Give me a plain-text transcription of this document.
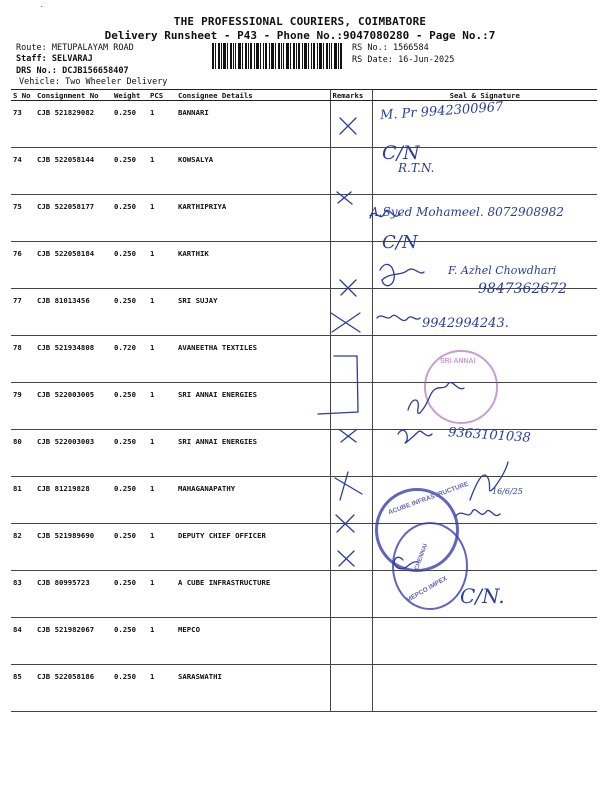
.
THE PROFESSIONAL COURIERS, COIMBATORE
Delivery Runsheet - P43 - Phone No.:9047080280 - Page No.:7
Route: METUPALAYAM ROAD
Staff: SELVARAJ
DRS No.: DCJB156658407
Vehicle: Two Wheeler Delivery
RS No.: 1566584
RS Date: 16-Jun-2025
S No	Consignment No	Weight	PCS	Consignee Details	Remarks	Seal & Signature
73	CJB 521829082	0.250	1	BANNARI		
74	CJB 522058144	0.250	1	KOWSALYA		
75	CJB 522058177	0.250	1	KARTHIPRIYA		
76	CJB 522058184	0.250	1	KARTHIK		
77	CJB 81013456	0.250	1	SRI SUJAY		
78	CJB 521934808	0.720	1	AVANEETHA TEXTILES		
79	CJB 522003005	0.250	1	SRI ANNAI ENERGIES		
80	CJB 522003003	0.250	1	SRI ANNAI ENERGIES		
81	CJB 81219828	0.250	1	MAHAGANAPATHY		
82	CJB 521989690	0.250	1	DEPUTY CHIEF OFFICER		
83	CJB 80995723	0.250	1	A CUBE INFRASTRUCTURE		
84	CJB 521982067	0.250	1	MEPCO		
85	CJB 522058186	0.250	1	SARASWATHI		
SRI ANNAI
ACUBE INFRASTRUCTURE
MEPCO IMPEX
CHENNAI
M. Pr 9942300967
C/N
R.T.N.
A.Syed Mohameel. 8072908982
C/N
F. Azhel Chowdhari
9847362672
9942994243.
9363101038
16/6/25
C/N.
